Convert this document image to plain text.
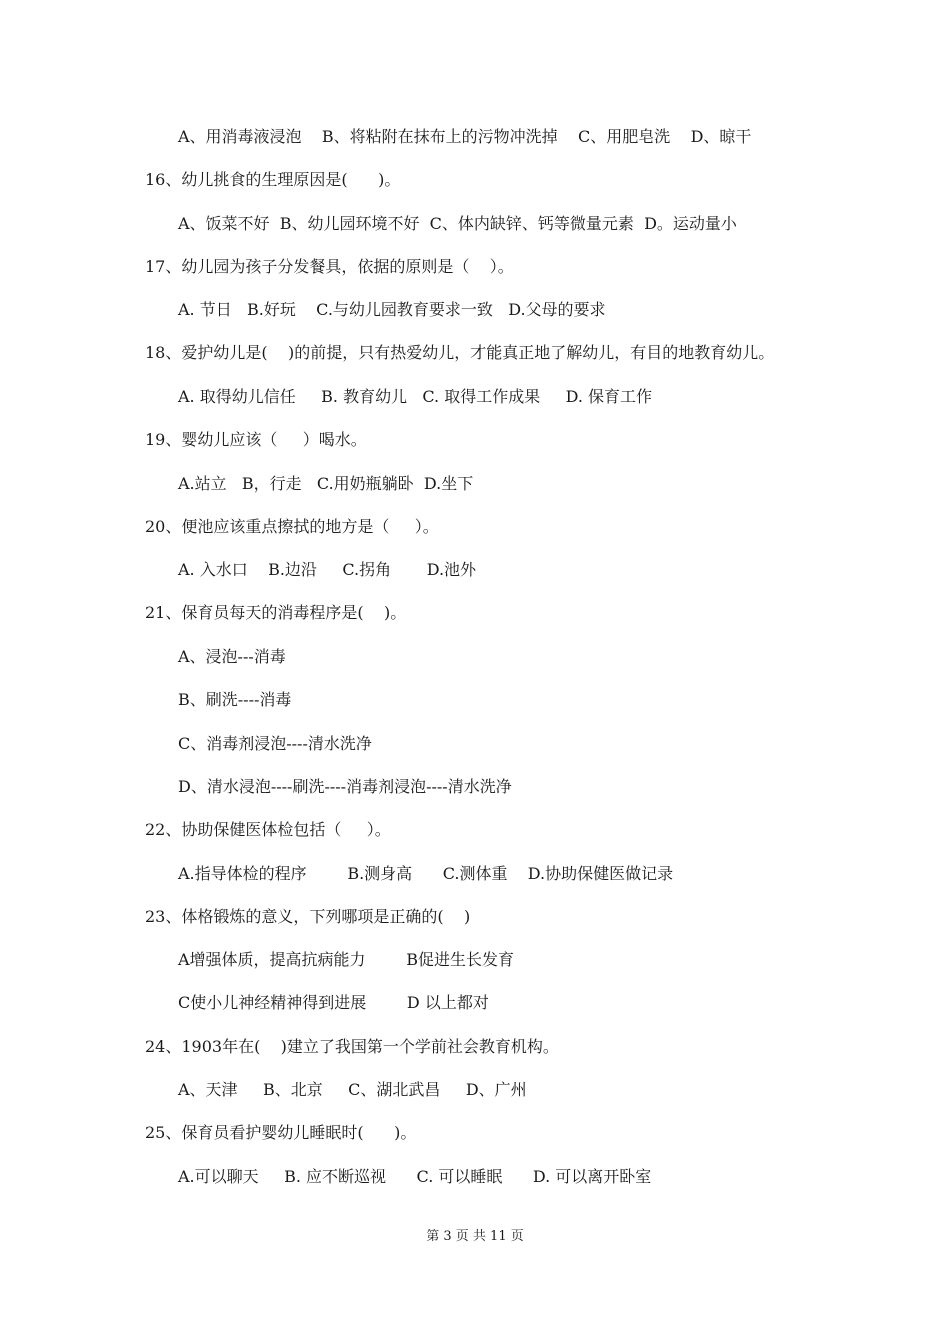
A、用消毒液浸泡    B、将粘附在抹布上的污物冲洗掉    C、用肥皂洗    D、晾干
16、幼儿挑食的生理原因是(      )。
A、饭菜不好  B、幼儿园环境不好  C、体内缺锌、钙等微量元素  D。运动量小
17、幼儿园为孩子分发餐具，依据的原则是（    ）。
A. 节日   B.好玩    C.与幼儿园教育要求一致   D.父母的要求
18、爱护幼儿是(    )的前提，只有热爱幼儿，才能真正地了解幼儿，有目的地教育幼儿。
A. 取得幼儿信任     B. 教育幼儿   C. 取得工作成果     D. 保育工作
19、婴幼儿应该（     ）喝水。
A.站立   B，行走   C.用奶瓶躺卧  D.坐下
20、便池应该重点擦拭的地方是（     ）。
A. 入水口    B.边沿     C.拐角       D.池外
21、保育员每天的消毒程序是(    )。
A、浸泡---消毒
B、刷洗----消毒
C、消毒剂浸泡----清水洗净
D、清水浸泡----刷洗----消毒剂浸泡----清水洗净
22、协助保健医体检包括（     ）。
A.指导体检的程序        B.测身高      C.测体重    D.协助保健医做记录
23、体格锻炼的意义，下列哪项是正确的(    )
A增强体质，提高抗病能力        B促进生长发育
C使小儿神经精神得到进展        D 以上都对
24、1903年在(    )建立了我国第一个学前社会教育机构。
A、天津     B、北京     C、湖北武昌     D、广州
25、保育员看护婴幼儿睡眠时(      )。
A.可以聊天     B. 应不断巡视      C. 可以睡眠      D. 可以离开卧室
第 3 页 共 11 页
